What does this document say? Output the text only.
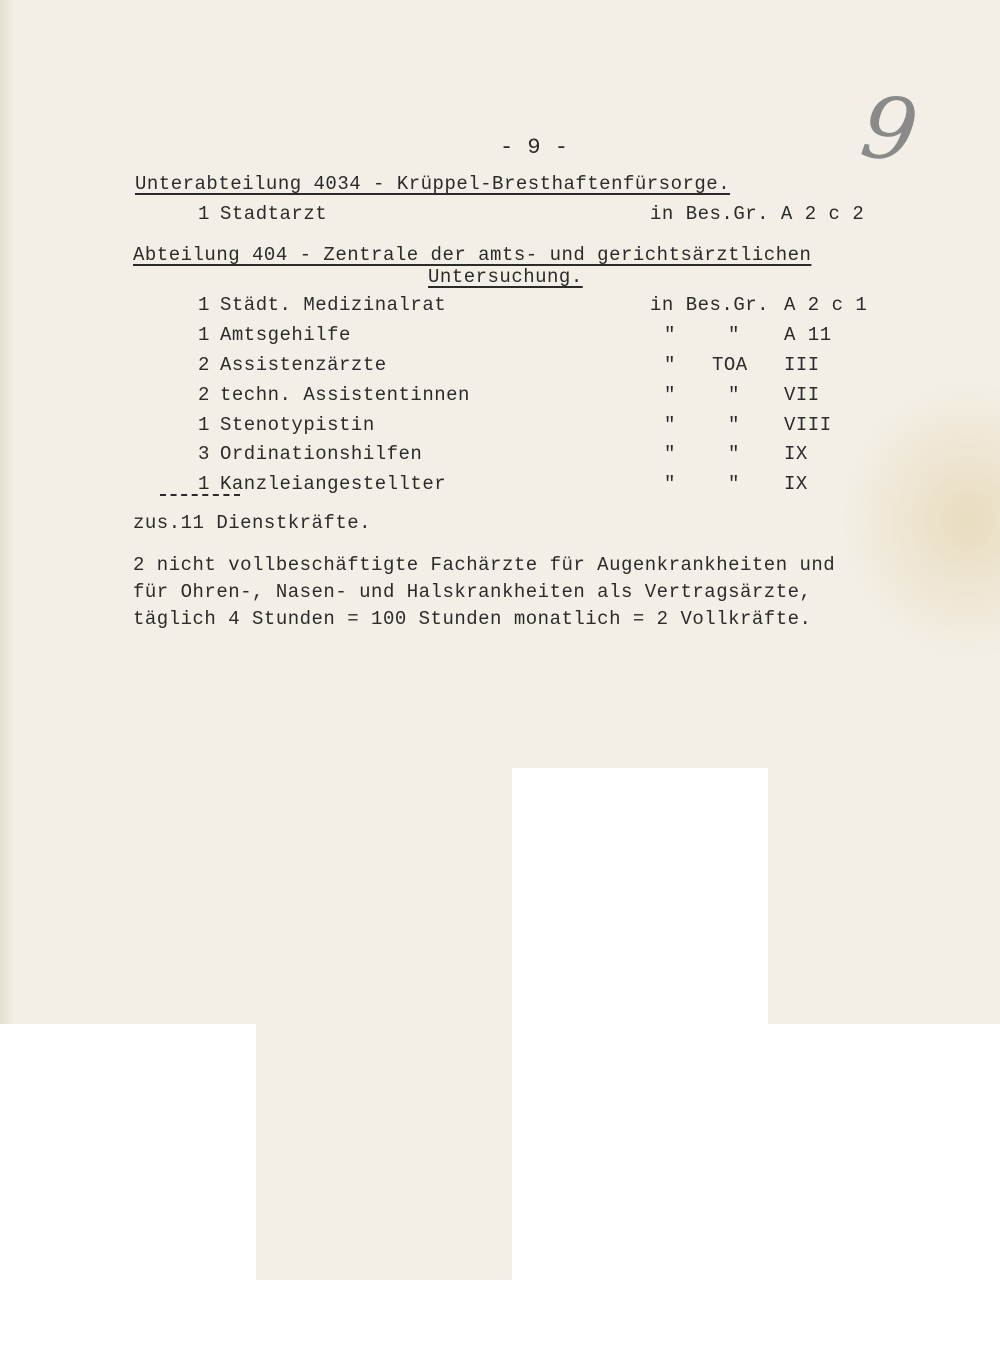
- 9 -	9
Unterabteilung 4034 - Krüppel-Bresthaftenfürsorge.
1 Stadtarzt	in Bes.Gr. A 2 c 2
Abteilung 404 - Zentrale der amts- und gerichtsärztlichen
Untersuchung.
1 Städt. Medizinalrat	in Bes.Gr. A 2 c 1
1 Amtsgehilfe	"	" A 11
2 Assistenzärzte	" TOA III
2 techn. Assistentinnen	"	" VII
1 Stenotypistin	"	" VIII
3 Ordinationshilfen	"	" IX
1 Kanzleiangestellter	"	" IX
zus.11 Dienstkräfte.
2 nicht vollbeschäftigte Fachärzte für Augenkrankheiten und
für Ohren-, Nasen- und Halskrankheiten als Vertragsärzte,
täglich 4 Stunden = 100 Stunden monatlich = 2 Vollkräfte.
